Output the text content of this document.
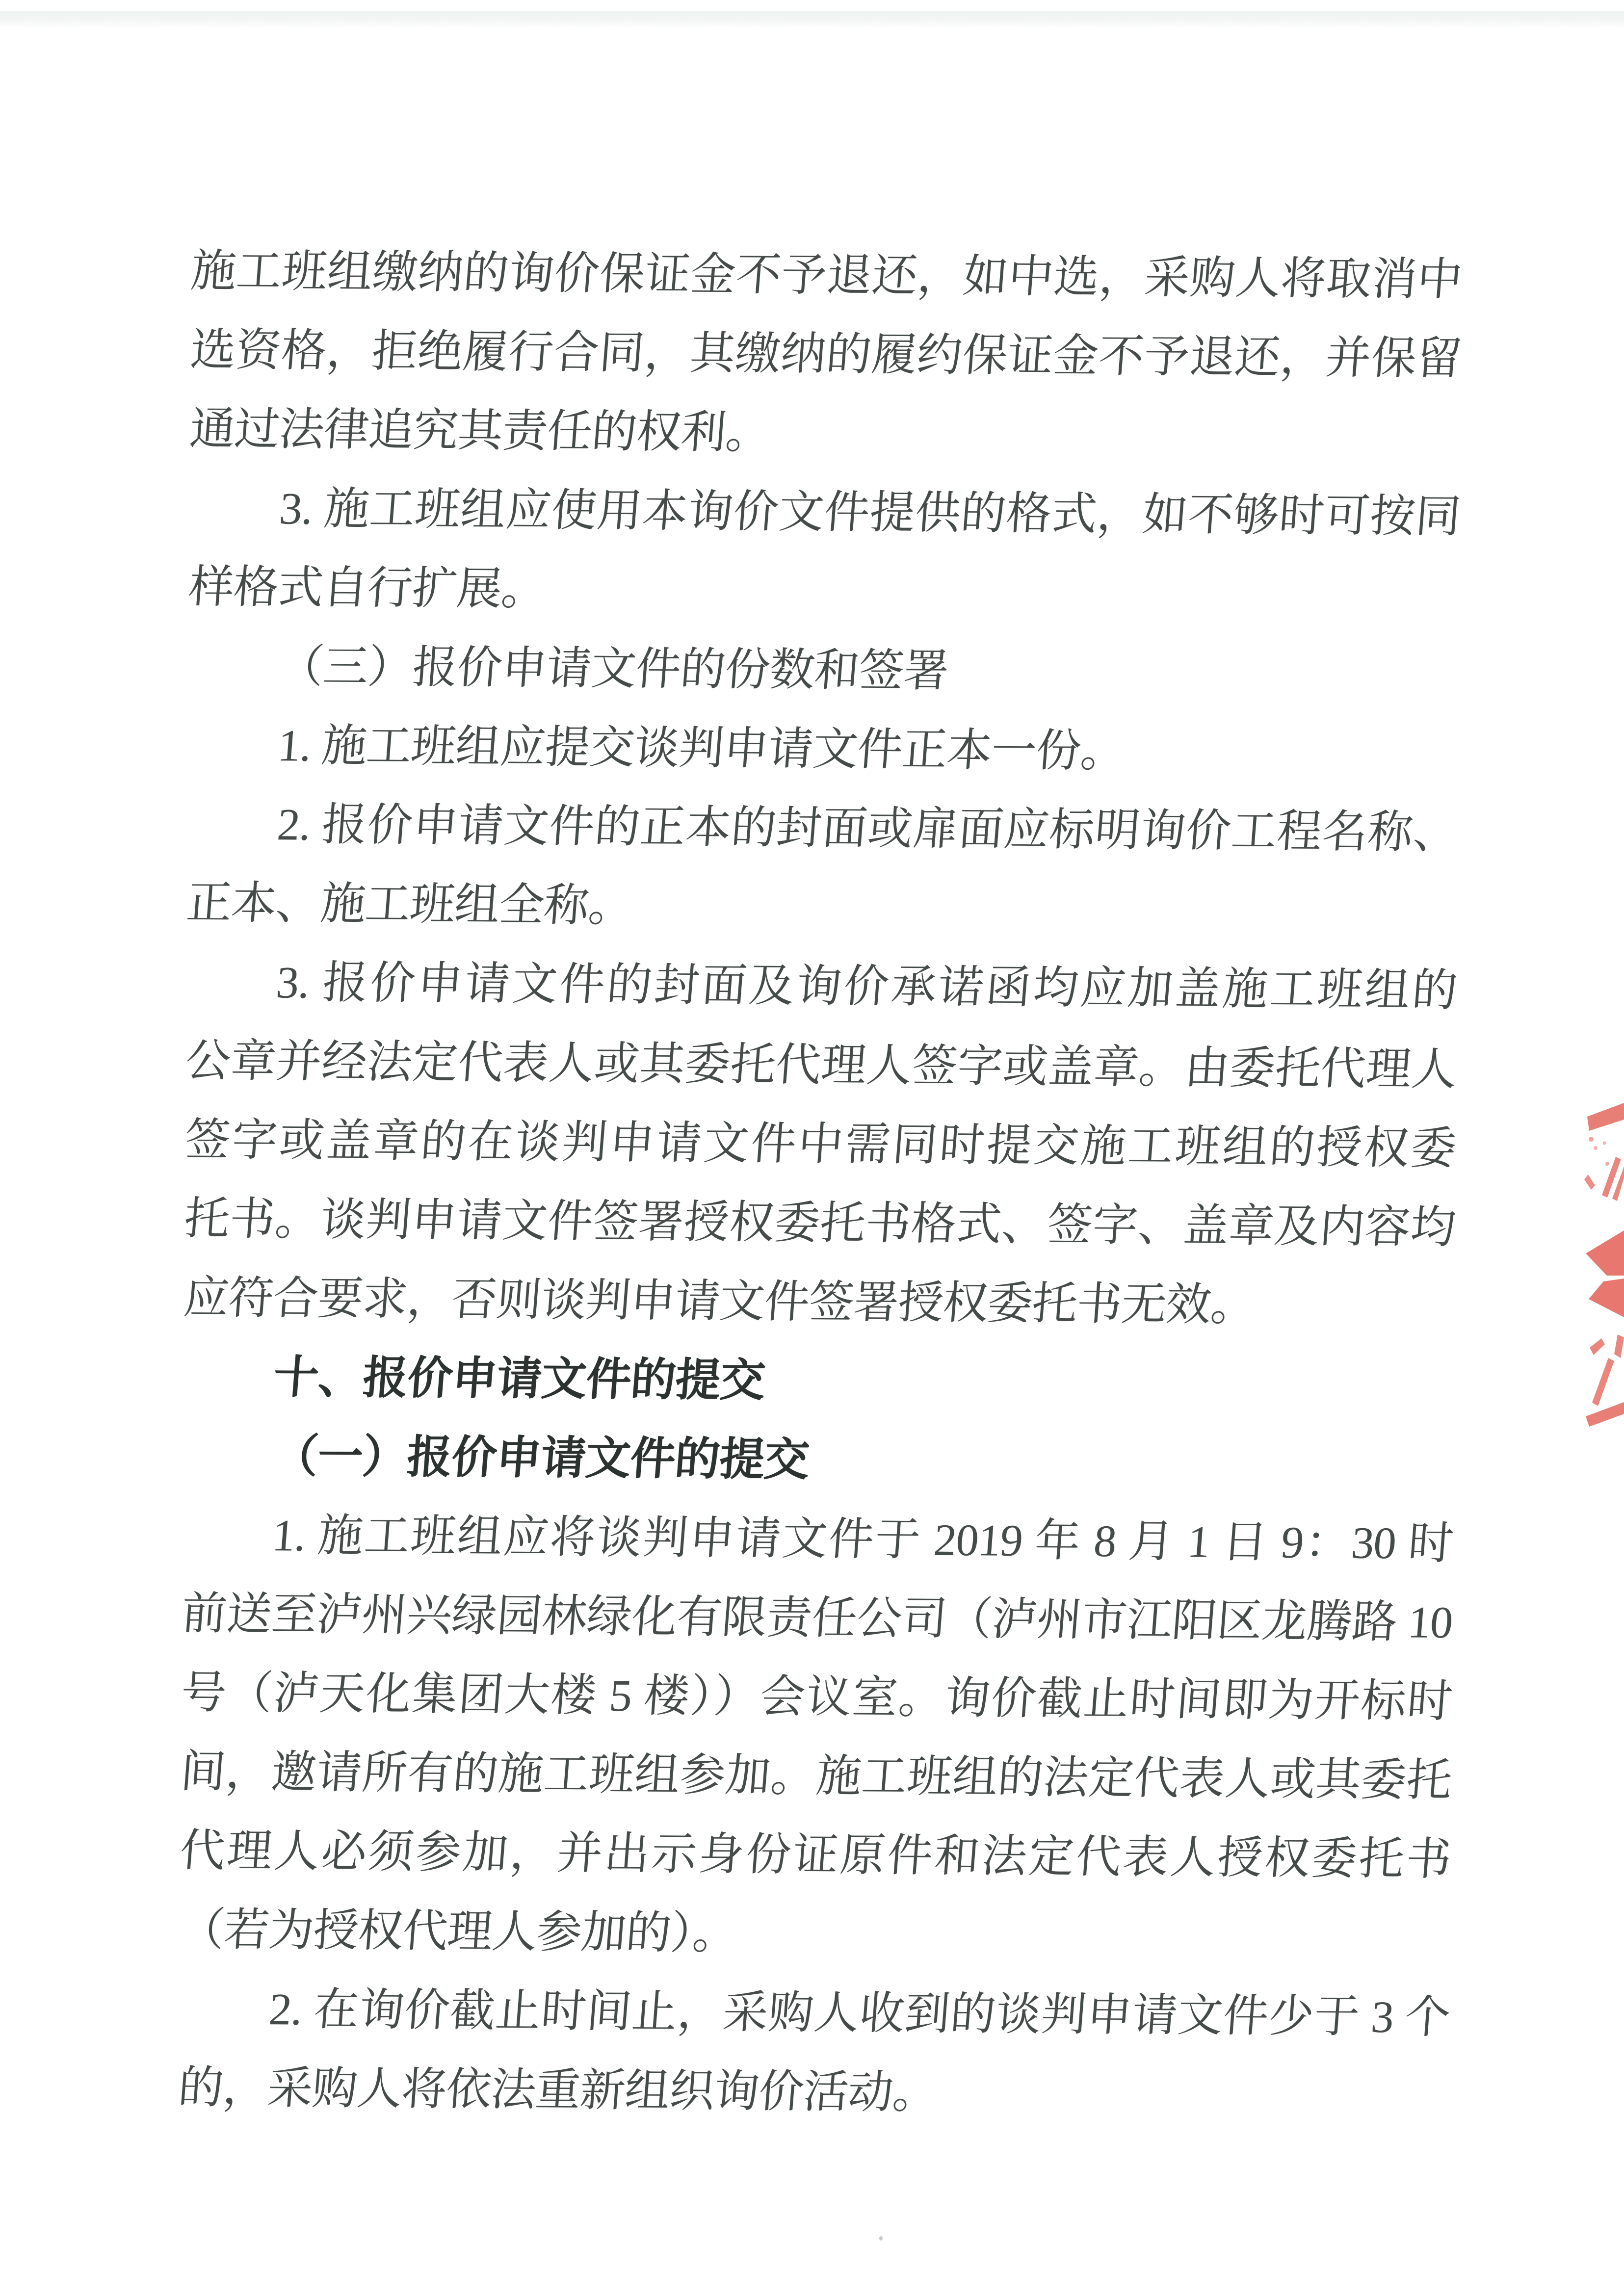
施工班组缴纳的询价保证金不予退还，如中选，采购人将取消中
选资格，拒绝履行合同，其缴纳的履约保证金不予退还，并保留
通过法律追究其责任的权利。
3. 施工班组应使用本询价文件提供的格式，如不够时可按同
样格式自行扩展。
（三）报价申请文件的份数和签署
1. 施工班组应提交谈判申请文件正本一份。
2. 报价申请文件的正本的封面或扉面应标明询价工程名称、
正本、施工班组全称。
3. 报价申请文件的封面及询价承诺函均应加盖施工班组的
公章并经法定代表人或其委托代理人签字或盖章。由委托代理人
签字或盖章的在谈判申请文件中需同时提交施工班组的授权委
托书。谈判申请文件签署授权委托书格式、签字、盖章及内容均
应符合要求，否则谈判申请文件签署授权委托书无效。
十、报价申请文件的提交
（一）报价申请文件的提交
1. 施工班组应将谈判申请文件于 2019 年 8 月 1 日 9：30 时
前送至泸州兴绿园林绿化有限责任公司（泸州市江阳区龙腾路 10
号（泸天化集团大楼 5 楼））会议室。询价截止时间即为开标时
间，邀请所有的施工班组参加。施工班组的法定代表人或其委托
代理人必须参加，并出示身份证原件和法定代表人授权委托书
（若为授权代理人参加的）。
2. 在询价截止时间止，采购人收到的谈判申请文件少于 3 个
的，采购人将依法重新组织询价活动。
